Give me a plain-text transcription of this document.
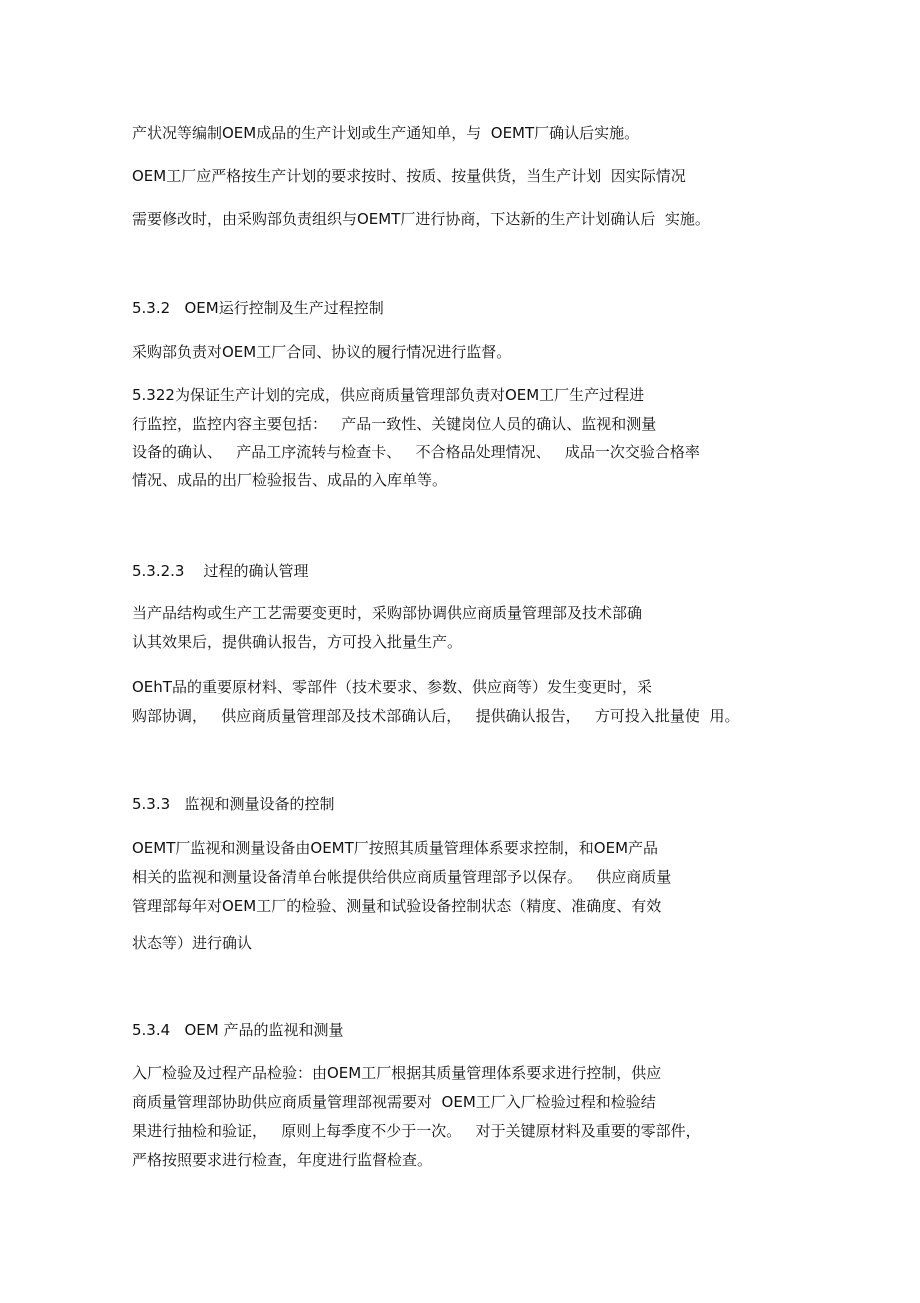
产状况等编制OEM成品的生产计划或生产通知单，与  OEMT厂确认后实施。
OEM工厂应严格按生产计划的要求按时、按质、按量供货，当生产计划  因实际情况
需要修改时，由采购部负责组织与OEMT厂进行协商，下达新的生产计划确认后  实施。
5.3.2   OEM运行控制及生产过程控制
采购部负责对OEM工厂合同、协议的履行情况进行监督。
5.322为保证生产计划的完成，供应商质量管理部负责对OEM工厂生产过程进
行监控，监控内容主要包括：   产品一致性、关键岗位人员的确认、监视和测量
设备的确认、   产品工序流转与检查卡、   不合格品处理情况、   成品一次交验合格率
情况、成品的出厂检验报告、成品的入库单等。
5.3.2.3    过程的确认管理
当产品结构或生产工艺需要变更时，采购部协调供应商质量管理部及技术部确
认其效果后，提供确认报告，方可投入批量生产。
OEhT品的重要原材料、零部件（技术要求、参数、供应商等）发生变更时，采
购部协调，   供应商质量管理部及技术部确认后，   提供确认报告，   方可投入批量使  用。
5.3.3   监视和测量设备的控制
OEMT厂监视和测量设备由OEMT厂按照其质量管理体系要求控制，和OEM产品
相关的监视和测量设备清单台帐提供给供应商质量管理部予以保存。   供应商质量
管理部每年对OEM工厂的检验、测量和试验设备控制状态（精度、准确度、有效
状态等）进行确认
5.3.4   OEM 产品的监视和测量
入厂检验及过程产品检验：由OEM工厂根据其质量管理体系要求进行控制，供应
商质量管理部协助供应商质量管理部视需要对  OEM工厂入厂检验过程和检验结
果进行抽检和验证，   原则上每季度不少于一次。   对于关键原材料及重要的零部件，
严格按照要求进行检查，年度进行监督检查。
